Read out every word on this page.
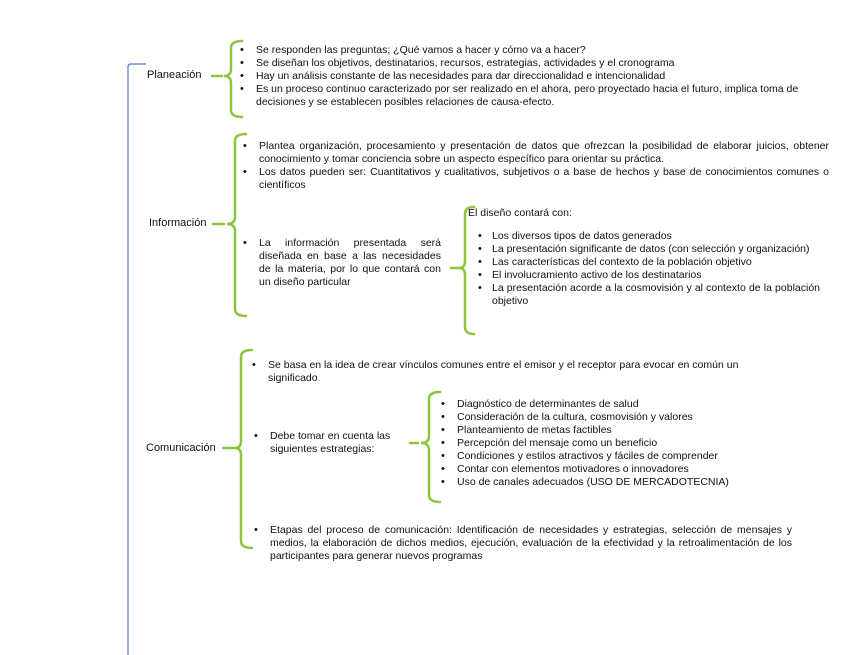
Planeación
• Se responden las preguntas; ¿Qué vamos a hacer y cómo va a hacer?
• Se diseñan los objetivos, destinatarios, recursos, estrategias, actividades y el cronograma
• Hay un análisis constante de las necesidades para dar direccionalidad e intencionalidad
• Es un proceso continuo caracterizado por ser realizado en el ahora, pero proyectado hacia el futuro, implica toma de decisiones y se establecen posibles relaciones de causa-efecto.
Información
• Plantea organización, procesamiento y presentación de datos que ofrezcan la posibilidad de elaborar juicios, obtener conocimiento y tomar conciencia sobre un aspecto específico para orientar su práctica.
• Los datos pueden ser: Cuantitativos y cualitativos, subjetivos o a base de hechos y base de conocimientos comunes o científicos
• La información presentada será diseñada en base a las necesidades de la materia, por lo que contará con un diseño particular
El diseño contará con:
• Los diversos tipos de datos generados
• La presentación significante de datos (con selección y organización)
• Las características del contexto de la población objetivo
• El involucramiento activo de los destinatarios
• La presentación acorde a la cosmovisión y al contexto de la población objetivo
Comunicación
• Se basa en la idea de crear vínculos comunes entre el emisor y el receptor para evocar en común un significado
• Debe tomar en cuenta las siguientes estrategias:
• Diagnóstico de determinantes de salud
• Consideración de la cultura, cosmovisión y valores
• Planteamiento de metas factibles
• Percepción del mensaje como un beneficio
• Condiciones y estilos atractivos y fáciles de comprender
• Contar con elementos motivadores o innovadores
• Uso de canales adecuados (USO DE MERCADOTECNIA)
• Etapas del proceso de comunicación: Identificación de necesidades y estrategias, selección de mensajes y medios, la elaboración de dichos medios, ejecución, evaluación de la efectividad y la retroalimentación de los participantes para generar nuevos programas
